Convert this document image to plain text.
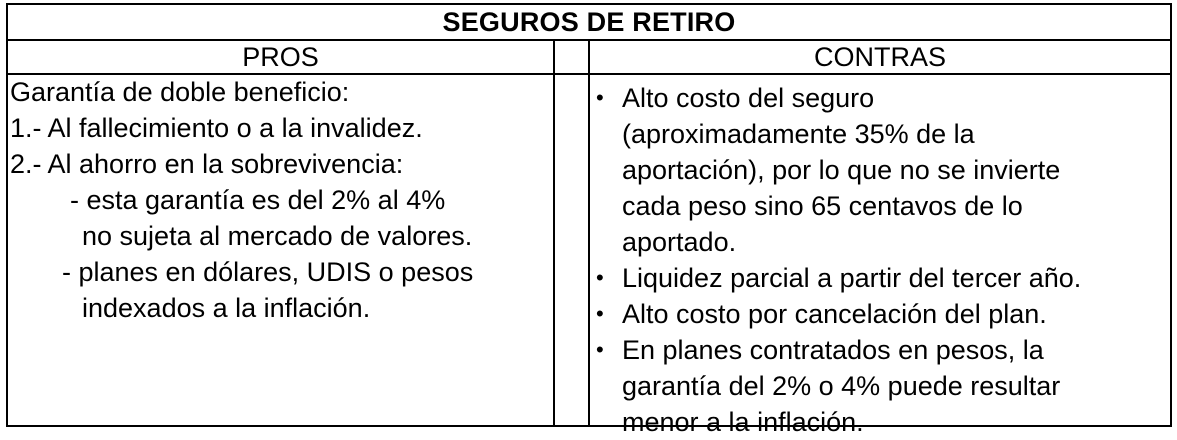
SEGUROS DE RETIRO
PROS	CONTRAS
Garantía de doble beneficio:
1.- Al fallecimiento o a la invalidez.
2.- Al ahorro en la sobrevivencia:
- esta garantía es del 2% al 4%
no sujeta al mercado de valores.
- planes en dólares, UDIS o pesos
indexados a la inflación.
• Alto costo del seguro
(aproximadamente 35% de la
aportación), por lo que no se invierte
cada peso sino 65 centavos de lo
aportado.
• Liquidez parcial a partir del tercer año.
• Alto costo por cancelación del plan.
• En planes contratados en pesos, la
garantía del 2% o 4% puede resultar
menor a la inflación.
